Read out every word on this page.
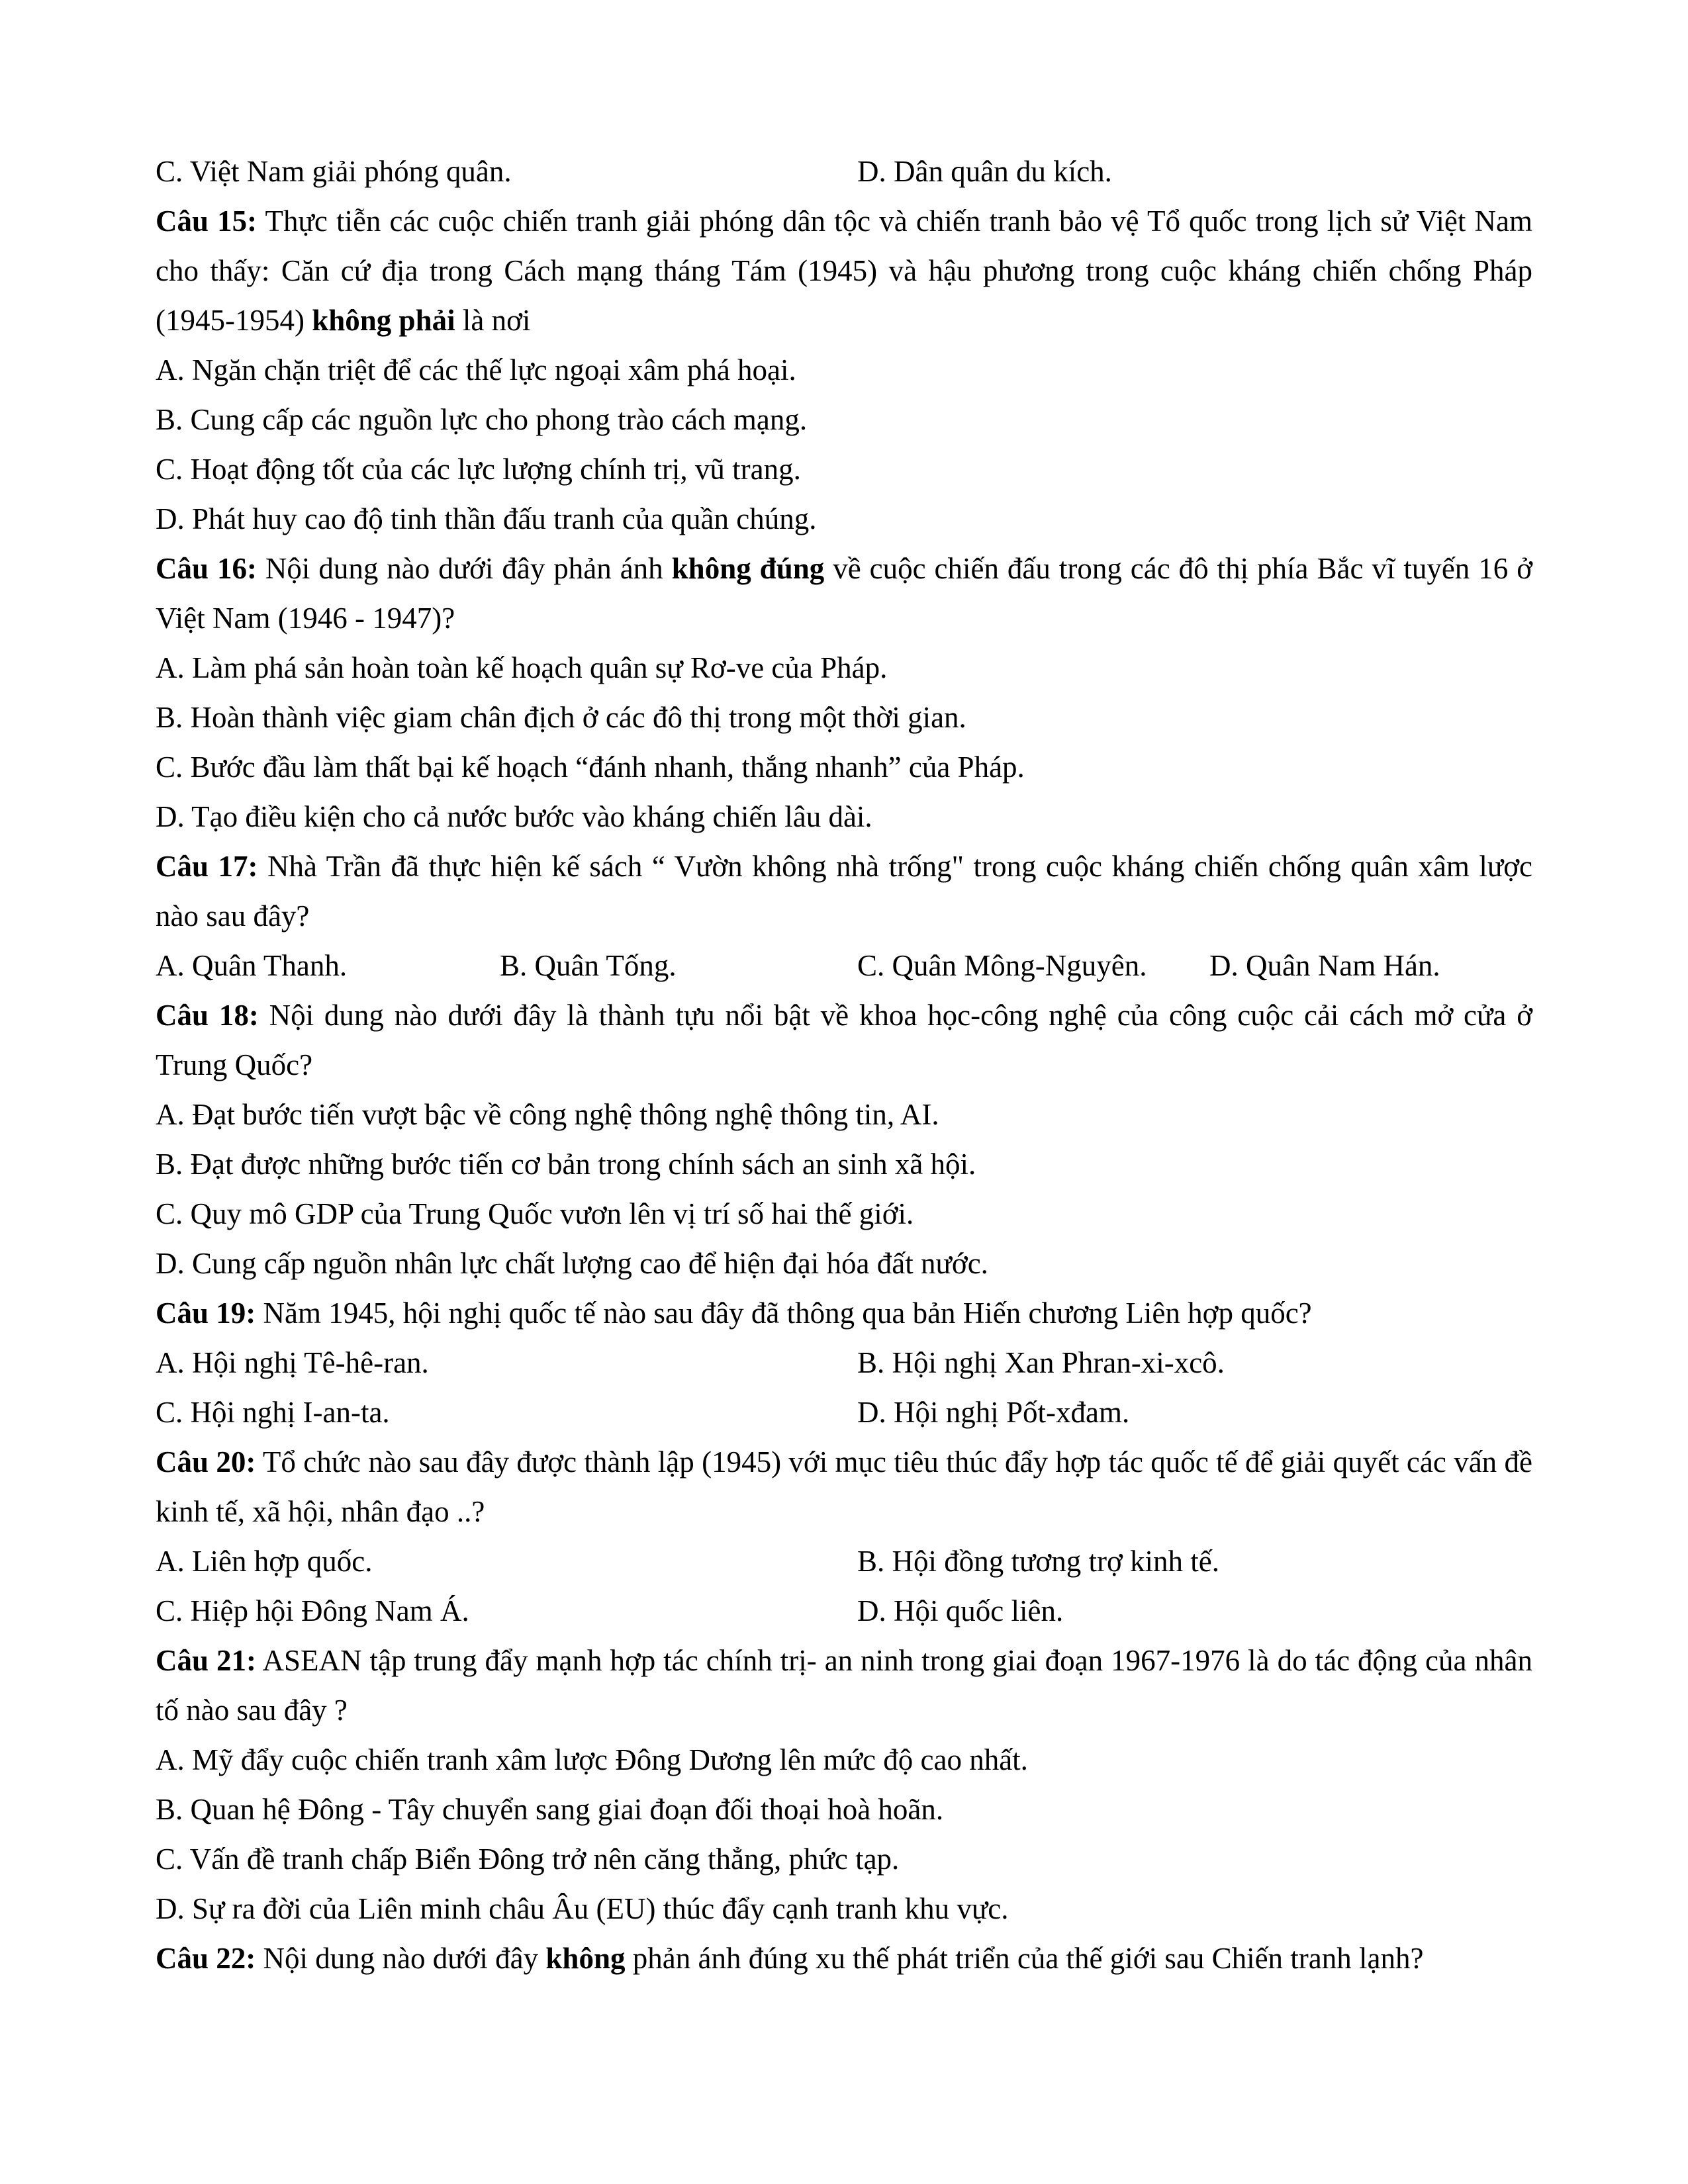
C. Việt Nam giải phóng quân.	D. Dân quân du kích.
Câu 15: Thực tiễn các cuộc chiến tranh giải phóng dân tộc và chiến tranh bảo vệ Tổ quốc trong lịch sử Việt Nam cho thấy: Căn cứ địa trong Cách mạng tháng Tám (1945) và hậu phương trong cuộc kháng chiến chống Pháp (1945-1954) không phải là nơi
A. Ngăn chặn triệt để các thế lực ngoại xâm phá hoại.
B. Cung cấp các nguồn lực cho phong trào cách mạng.
C. Hoạt động tốt của các lực lượng chính trị, vũ trang.
D. Phát huy cao độ tinh thần đấu tranh của quần chúng.
Câu 16: Nội dung nào dưới đây phản ánh không đúng về cuộc chiến đấu trong các đô thị phía Bắc vĩ tuyến 16 ở Việt Nam (1946 - 1947)?
A. Làm phá sản hoàn toàn kế hoạch quân sự Rơ-ve của Pháp.
B. Hoàn thành việc giam chân địch ở các đô thị trong một thời gian.
C. Bước đầu làm thất bại kế hoạch “đánh nhanh, thắng nhanh” của Pháp.
D. Tạo điều kiện cho cả nước bước vào kháng chiến lâu dài.
Câu 17: Nhà Trần đã thực hiện kế sách “ Vườn không nhà trống" trong cuộc kháng chiến chống quân xâm lược nào sau đây?
A. Quân Thanh.	B. Quân Tống.	C. Quân Mông-Nguyên.	D. Quân Nam Hán.
Câu 18: Nội dung nào dưới đây là thành tựu nổi bật về khoa học-công nghệ của công cuộc cải cách mở cửa ở Trung Quốc?
A. Đạt bước tiến vượt bậc về công nghệ thông nghệ thông tin, AI.
B. Đạt được những bước tiến cơ bản trong chính sách an sinh xã hội.
C. Quy mô GDP của Trung Quốc vươn lên vị trí số hai thế giới.
D. Cung cấp nguồn nhân lực chất lượng cao để hiện đại hóa đất nước.
Câu 19: Năm 1945, hội nghị quốc tế nào sau đây đã thông qua bản Hiến chương Liên hợp quốc?
A. Hội nghị Tê-hê-ran.	B. Hội nghị Xan Phran-xi-xcô.
C. Hội nghị I-an-ta.	D. Hội nghị Pốt-xđam.
Câu 20: Tổ chức nào sau đây được thành lập (1945) với mục tiêu thúc đẩy hợp tác quốc tế để giải quyết các vấn đề kinh tế, xã hội, nhân đạo ..?
A. Liên hợp quốc.	B. Hội đồng tương trợ kinh tế.
C. Hiệp hội Đông Nam Á.	D. Hội quốc liên.
Câu 21: ASEAN tập trung đẩy mạnh hợp tác chính trị- an ninh trong giai đoạn 1967-1976 là do tác động của nhân tố nào sau đây ?
A. Mỹ đẩy cuộc chiến tranh xâm lược Đông Dương lên mức độ cao nhất.
B. Quan hệ Đông - Tây chuyển sang giai đoạn đối thoại hoà hoãn.
C. Vấn đề tranh chấp Biển Đông trở nên căng thẳng, phức tạp.
D. Sự ra đời của Liên minh châu Âu (EU) thúc đẩy cạnh tranh khu vực.
Câu 22: Nội dung nào dưới đây không phản ánh đúng xu thế phát triển của thế giới sau Chiến tranh lạnh?
